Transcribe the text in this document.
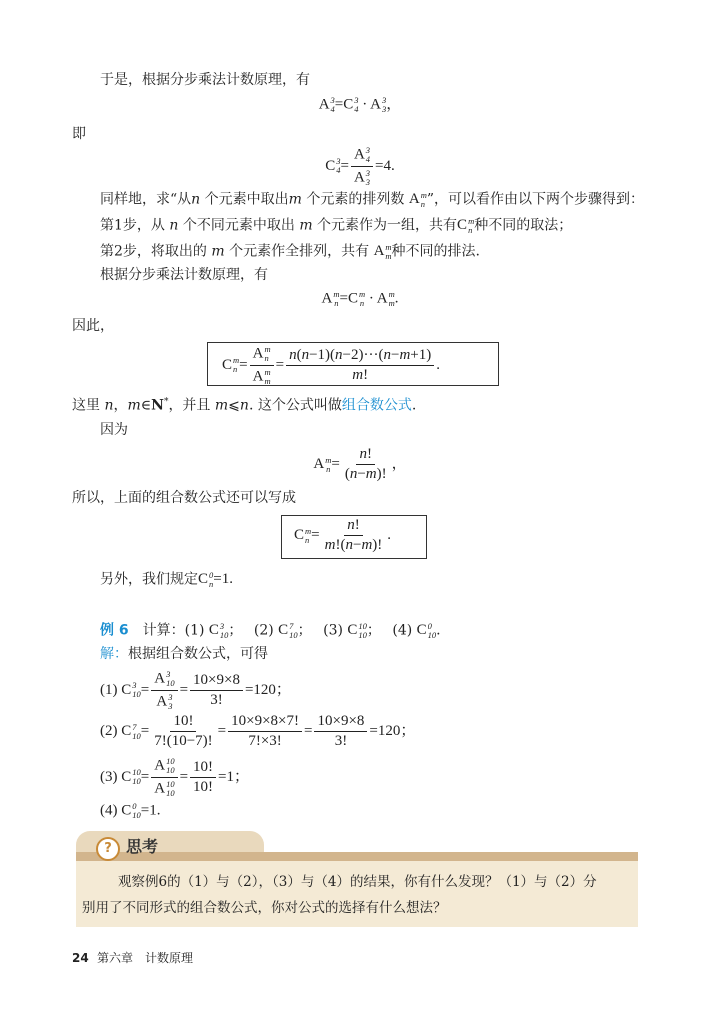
于是，根据分步乘法计数原理，有
A 3
4 =C 3
4 · A 3
3 ，
即
C 3
4 = A 3
4
A 3
3 =4.
同样地，求“从n 个元素中取出m 个元素的排列数 A m
n ”，可以看作由以下两个步骤得到：
第1步，从 n 个不同元素中取出 m 个元素作为一组，共有C m
n 种不同的取法；
第2步，将取出的 m 个元素作全排列，共有 A m
m 种不同的排法.
根据分步乘法计数原理，有
A m
n =C m
n · A m
m .
因此，
C m
n = A m
n
A m
$m = \frac{n(n-1)(n-2)\cdot\cdot\cdot(n-m+1)}{m!}$ .
这里 n，m∈N*，并且 m⩽n. 这个公式叫做组合数公式.
因为
A m
$n = \frac{n!}{(n-m)!}$ ，
所以，上面的组合数公式还可以写成
C m
$n = \frac{n!}{m!(n-m)!}$ .
另外，我们规定C 0
n =1.
例 6　 计算：(1) C 3
10 ；　 (2) C 7
10 ；　 (3) C 10
10 ；　 (4) C 0
10 .
解：根据组合数公式，可得
(1) C 3
10 = A 3
10
A 3
$3 = \frac{10\times 9\times 8}{3!} =120$；
(2) C 7
$10 = \frac{10!}{7!(10-7)!} = \frac{10\times 9\times 8\times 7!}{7!\times 3!} = \frac{10\times 9\times 8}{3!} =120$；
(3) C 10
10 = A 10
10
A 10
$10 = \frac{10!}{10!} =1$；
(4) C 0
10 =1.
? 思考
观察例6的（1）与（2），（3）与（4）的结果，你有什么发现？（1）与（2）分
别用了不同形式的组合数公式，你对公式的选择有什么想法？
24 第六章　计数原理
